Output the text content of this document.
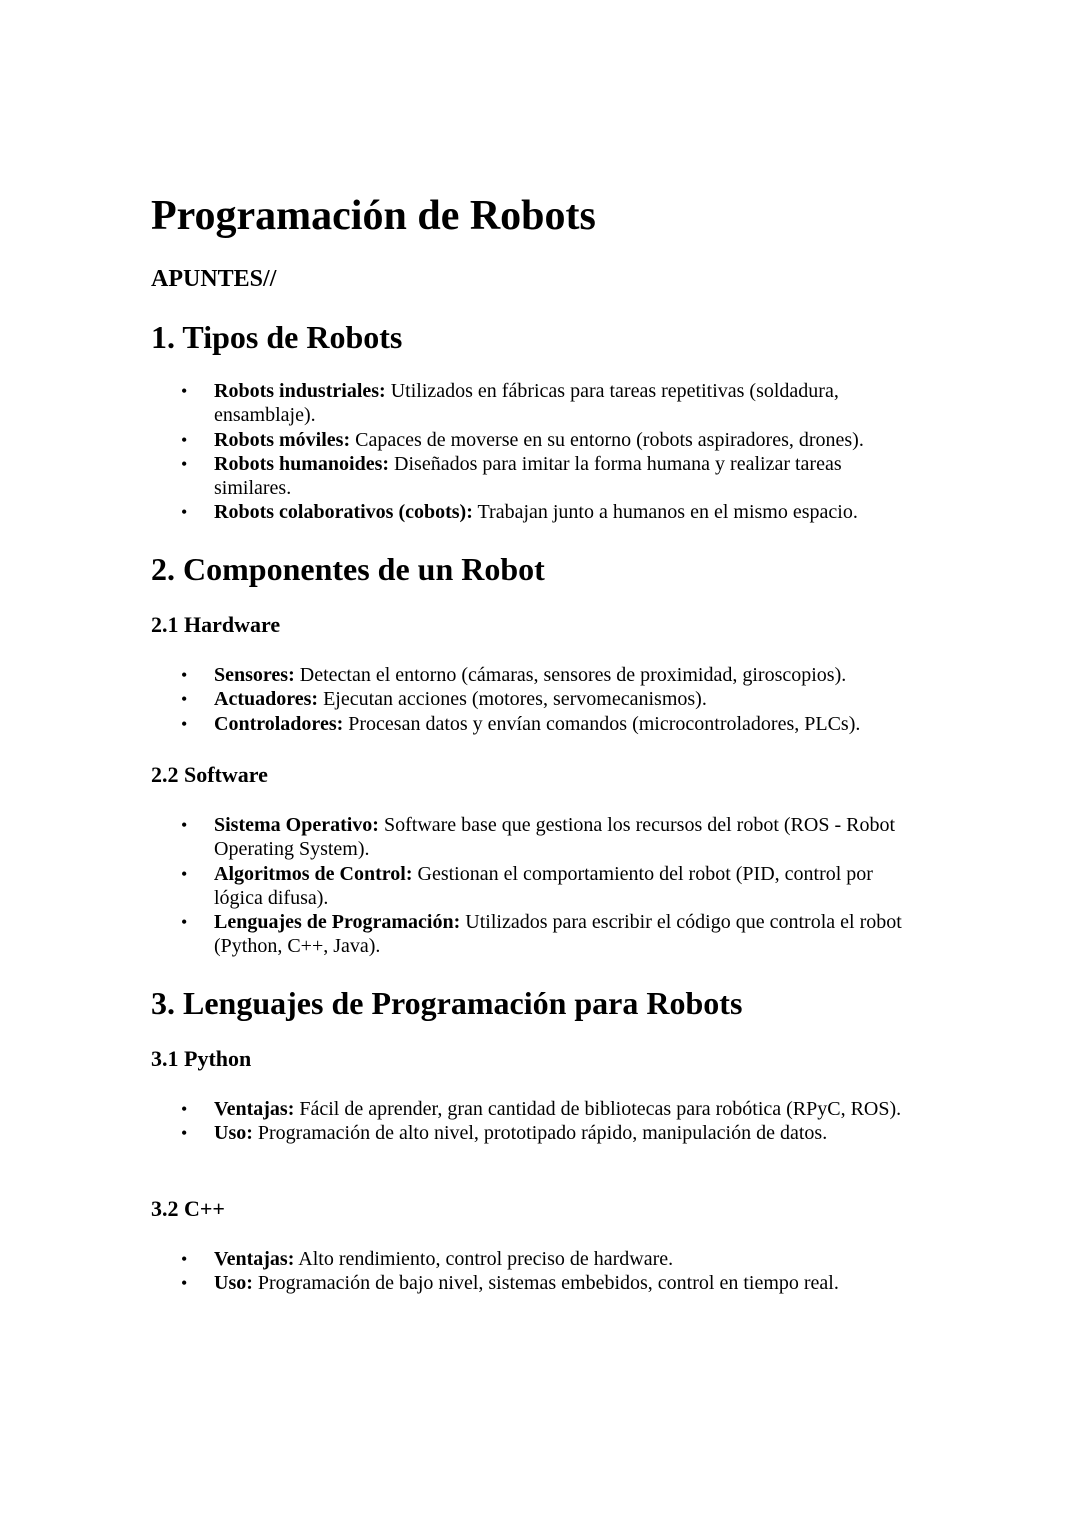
Programación de Robots

APUNTES//

1. Tipos de Robots
• Robots industriales: Utilizados en fábricas para tareas repetitivas (soldadura, ensamblaje).
• Robots móviles: Capaces de moverse en su entorno (robots aspiradores, drones).
• Robots humanoides: Diseñados para imitar la forma humana y realizar tareas similares.
• Robots colaborativos (cobots): Trabajan junto a humanos en el mismo espacio.
2. Componentes de un Robot
2.1 Hardware
• Sensores: Detectan el entorno (cámaras, sensores de proximidad, giroscopios).
• Actuadores: Ejecutan acciones (motores, servomecanismos).
• Controladores: Procesan datos y envían comandos (microcontroladores, PLCs).
2.2 Software
• Sistema Operativo: Software base que gestiona los recursos del robot (ROS - Robot Operating System).
• Algoritmos de Control: Gestionan el comportamiento del robot (PID, control por lógica difusa).
• Lenguajes de Programación: Utilizados para escribir el código que controla el robot (Python, C++, Java).
3. Lenguajes de Programación para Robots
3.1 Python
• Ventajas: Fácil de aprender, gran cantidad de bibliotecas para robótica (RPyC, ROS).
• Uso: Programación de alto nivel, prototipado rápido, manipulación de datos.
3.2 C++
• Ventajas: Alto rendimiento, control preciso de hardware.
• Uso: Programación de bajo nivel, sistemas embebidos, control en tiempo real.
